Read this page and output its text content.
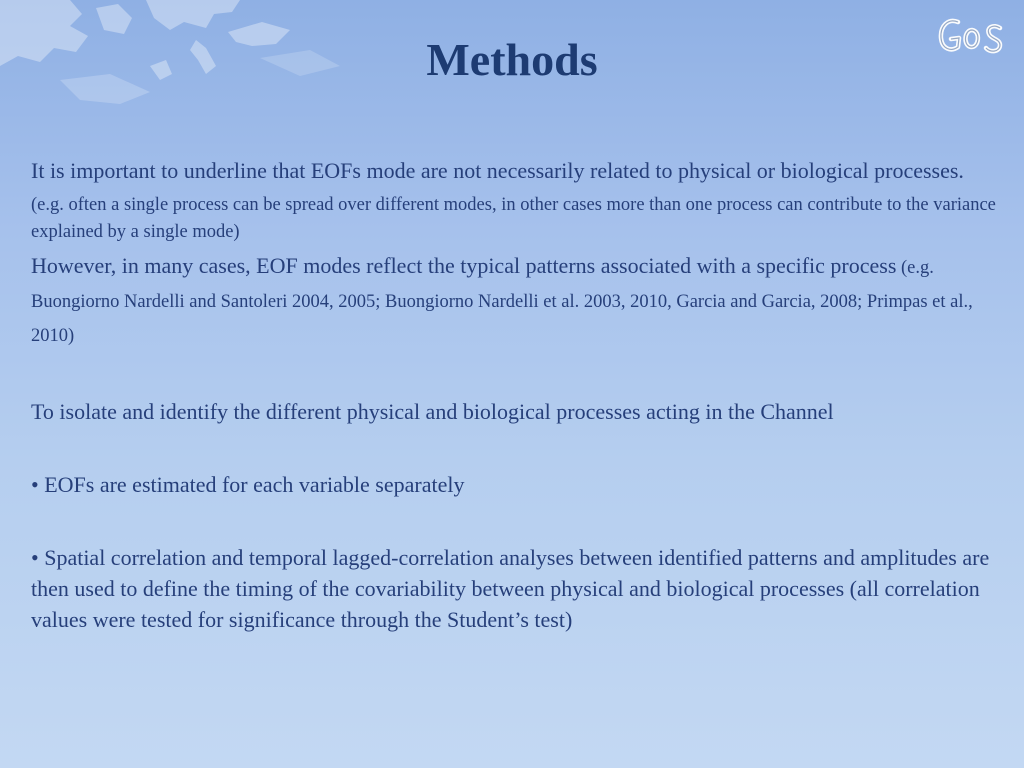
Methods

It is important to underline that EOFs mode are not necessarily related to physical or biological processes.

(e.g. often a single process can be spread over different modes, in other cases more than one process can contribute to the variance explained by a single mode)

However, in many cases, EOF modes reflect the typical patterns associated with a specific process (e.g. Buongiorno Nardelli and Santoleri 2004, 2005; Buongiorno Nardelli et al. 2003, 2010, Garcia and Garcia, 2008; Primpas et al., 2010)

To isolate and identify the different physical and biological processes acting in the Channel

• EOFs are estimated for each variable separately

• Spatial correlation and temporal lagged-correlation analyses between identified patterns and amplitudes are then used to define the timing of the covariability between physical and biological processes (all correlation values were tested for significance through the Student’s test)
